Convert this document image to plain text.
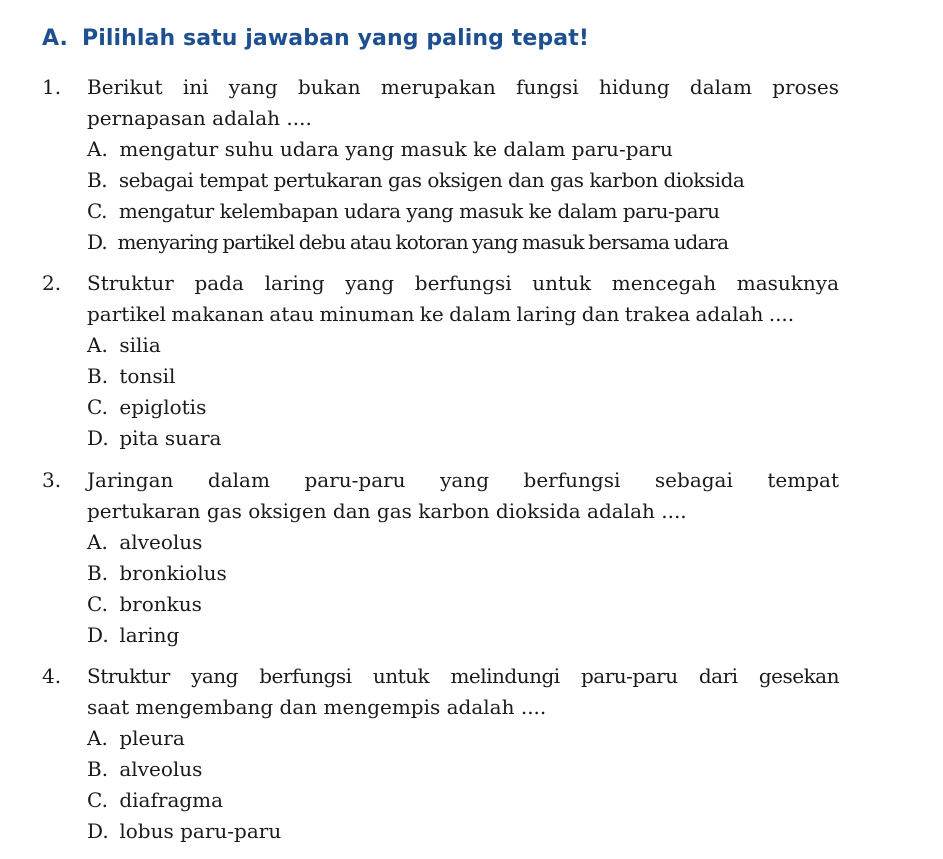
A. Pilihlah satu jawaban yang paling tepat!
1. Berikut ini yang bukan merupakan fungsi hidung dalam proses
pernapasan adalah ....
A. mengatur suhu udara yang masuk ke dalam paru-paru
B. sebagai tempat pertukaran gas oksigen dan gas karbon dioksida
C. mengatur kelembapan udara yang masuk ke dalam paru-paru
D. menyaring partikel debu atau kotoran yang masuk bersama udara
2. Struktur pada laring yang berfungsi untuk mencegah masuknya
partikel makanan atau minuman ke dalam laring dan trakea adalah ....
A. silia
B. tonsil
C. epiglotis
D. pita suara
3. Jaringan dalam paru-paru yang berfungsi sebagai tempat
pertukaran gas oksigen dan gas karbon dioksida adalah ....
A. alveolus
B. bronkiolus
C. bronkus
D. laring
4. Struktur yang berfungsi untuk melindungi paru-paru dari gesekan
saat mengembang dan mengempis adalah ....
A. pleura
B. alveolus
C. diafragma
D. lobus paru-paru
